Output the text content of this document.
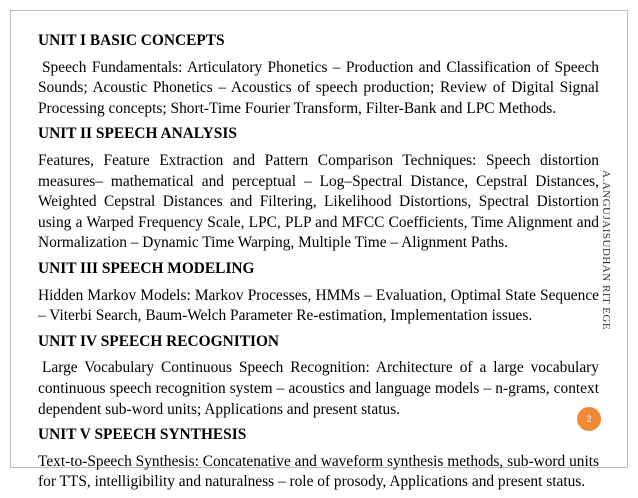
UNIT I BASIC CONCEPTS

Speech Fundamentals: Articulatory Phonetics – Production and Classification of Speech Sounds; Acoustic Phonetics – Acoustics of speech production; Review of Digital Signal Processing concepts; Short-Time Fourier Transform, Filter-Bank and LPC Methods.

UNIT II SPEECH ANALYSIS

Features, Feature Extraction and Pattern Comparison Techniques: Speech distortion measures– mathematical and perceptual – Log–Spectral Distance, Cepstral Distances, Weighted Cepstral Distances and Filtering, Likelihood Distortions, Spectral Distortion using a Warped Frequency Scale, LPC, PLP and MFCC Coefficients, Time Alignment and Normalization – Dynamic Time Warping, Multiple Time – Alignment Paths.

UNIT III SPEECH MODELING

Hidden Markov Models: Markov Processes, HMMs – Evaluation, Optimal State Sequence – Viterbi Search, Baum-Welch Parameter Re-estimation, Implementation issues.

UNIT IV SPEECH RECOGNITION

Large Vocabulary Continuous Speech Recognition: Architecture of a large vocabulary continuous speech recognition system – acoustics and language models – n-grams, context dependent sub-word units; Applications and present status.

UNIT V SPEECH SYNTHESIS

Text-to-Speech Synthesis: Concatenative and waveform synthesis methods, sub-word units for TTS, intelligibility and naturalness – role of prosody, Applications and present status.

A.ANGUJAISUDHAN RIT EGE
2
